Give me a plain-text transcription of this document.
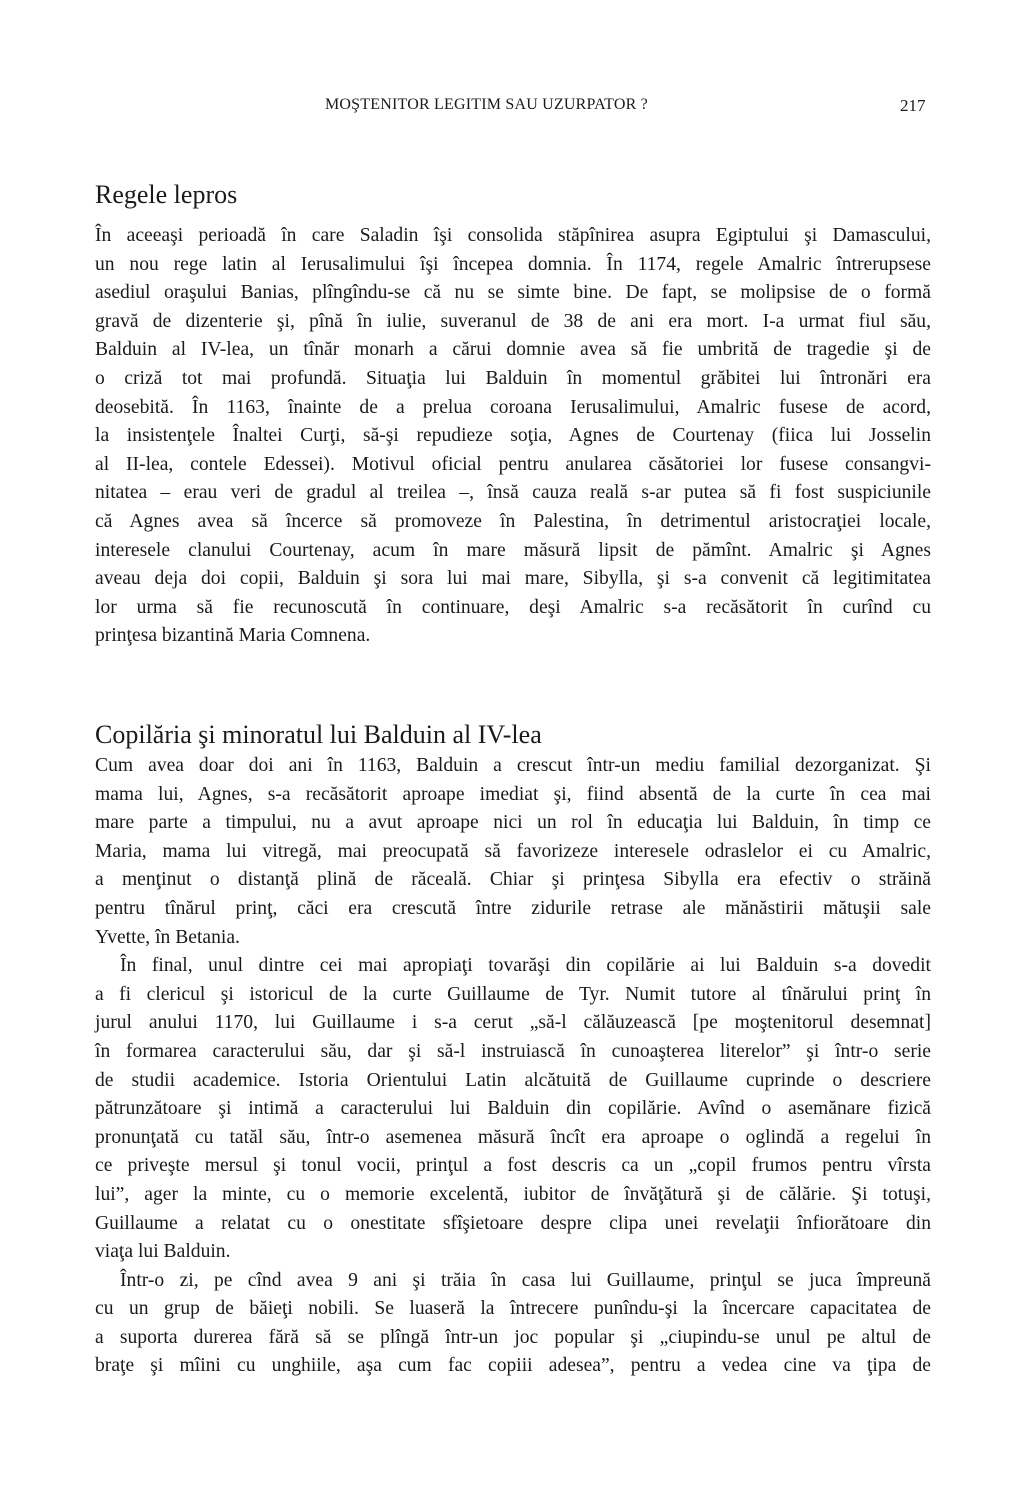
MOŞTENITOR LEGITIM SAU UZURPATOR ?	217
Regele lepros
În aceeaşi perioadă în care Saladin îşi consolida stăpînirea asupra Egiptului şi Damascului,
un nou rege latin al Ierusalimului îşi începea domnia. În 1174, regele Amalric întrerupsese
asediul oraşului Banias, plîngîndu-se că nu se simte bine. De fapt, se molipsise de o formă
gravă de dizenterie şi, pînă în iulie, suveranul de 38 de ani era mort. I-a urmat fiul său,
Balduin al IV-lea, un tînăr monarh a cărui domnie avea să fie umbrită de tragedie şi de
o criză tot mai profundă. Situaţia lui Balduin în momentul grăbitei lui întronări era
deosebită. În 1163, înainte de a prelua coroana Ierusalimului, Amalric fusese de acord,
la insistenţele Înaltei Curţi, să-şi repudieze soţia, Agnes de Courtenay (fiica lui Josselin
al II-lea, contele Edessei). Motivul oficial pentru anularea căsătoriei lor fusese consangvi-
nitatea – erau veri de gradul al treilea –, însă cauza reală s-ar putea să fi fost suspiciunile
că Agnes avea să încerce să promoveze în Palestina, în detrimentul aristocraţiei locale,
interesele clanului Courtenay, acum în mare măsură lipsit de pămînt. Amalric şi Agnes
aveau deja doi copii, Balduin şi sora lui mai mare, Sibylla, şi s-a convenit că legitimitatea
lor urma să fie recunoscută în continuare, deşi Amalric s-a recăsătorit în curînd cu
prinţesa bizantină Maria Comnena.
Copilăria şi minoratul lui Balduin al IV-lea
Cum avea doar doi ani în 1163, Balduin a crescut într-un mediu familial dezorganizat. Şi
mama lui, Agnes, s-a recăsătorit aproape imediat şi, fiind absentă de la curte în cea mai
mare parte a timpului, nu a avut aproape nici un rol în educaţia lui Balduin, în timp ce
Maria, mama lui vitregă, mai preocupată să favorizeze interesele odraslelor ei cu Amalric,
a menţinut o distanţă plină de răceală. Chiar şi prinţesa Sibylla era efectiv o străină
pentru tînărul prinţ, căci era crescută între zidurile retrase ale mănăstirii mătuşii sale
Yvette, în Betania.
În final, unul dintre cei mai apropiaţi tovarăşi din copilărie ai lui Balduin s-a dovedit
a fi clericul şi istoricul de la curte Guillaume de Tyr. Numit tutore al tînărului prinţ în
jurul anului 1170, lui Guillaume i s-a cerut „să-l călăuzească [pe moştenitorul desemnat]
în formarea caracterului său, dar şi să-l instruiască în cunoaşterea literelor” şi într-o serie
de studii academice. Istoria Orientului Latin alcătuită de Guillaume cuprinde o descriere
pătrunzătoare şi intimă a caracterului lui Balduin din copilărie. Avînd o asemănare fizică
pronunţată cu tatăl său, într-o asemenea măsură încît era aproape o oglindă a regelui în
ce priveşte mersul şi tonul vocii, prinţul a fost descris ca un „copil frumos pentru vîrsta
lui”, ager la minte, cu o memorie excelentă, iubitor de învăţătură şi de călărie. Şi totuşi,
Guillaume a relatat cu o onestitate sfîşietoare despre clipa unei revelaţii înfiorătoare din
viaţa lui Balduin.
Într-o zi, pe cînd avea 9 ani şi trăia în casa lui Guillaume, prinţul se juca împreună
cu un grup de băieţi nobili. Se luaseră la întrecere punîndu-şi la încercare capacitatea de
a suporta durerea fără să se plîngă într-un joc popular şi „ciupindu-se unul pe altul de
braţe şi mîini cu unghiile, aşa cum fac copiii adesea”, pentru a vedea cine va ţipa de
